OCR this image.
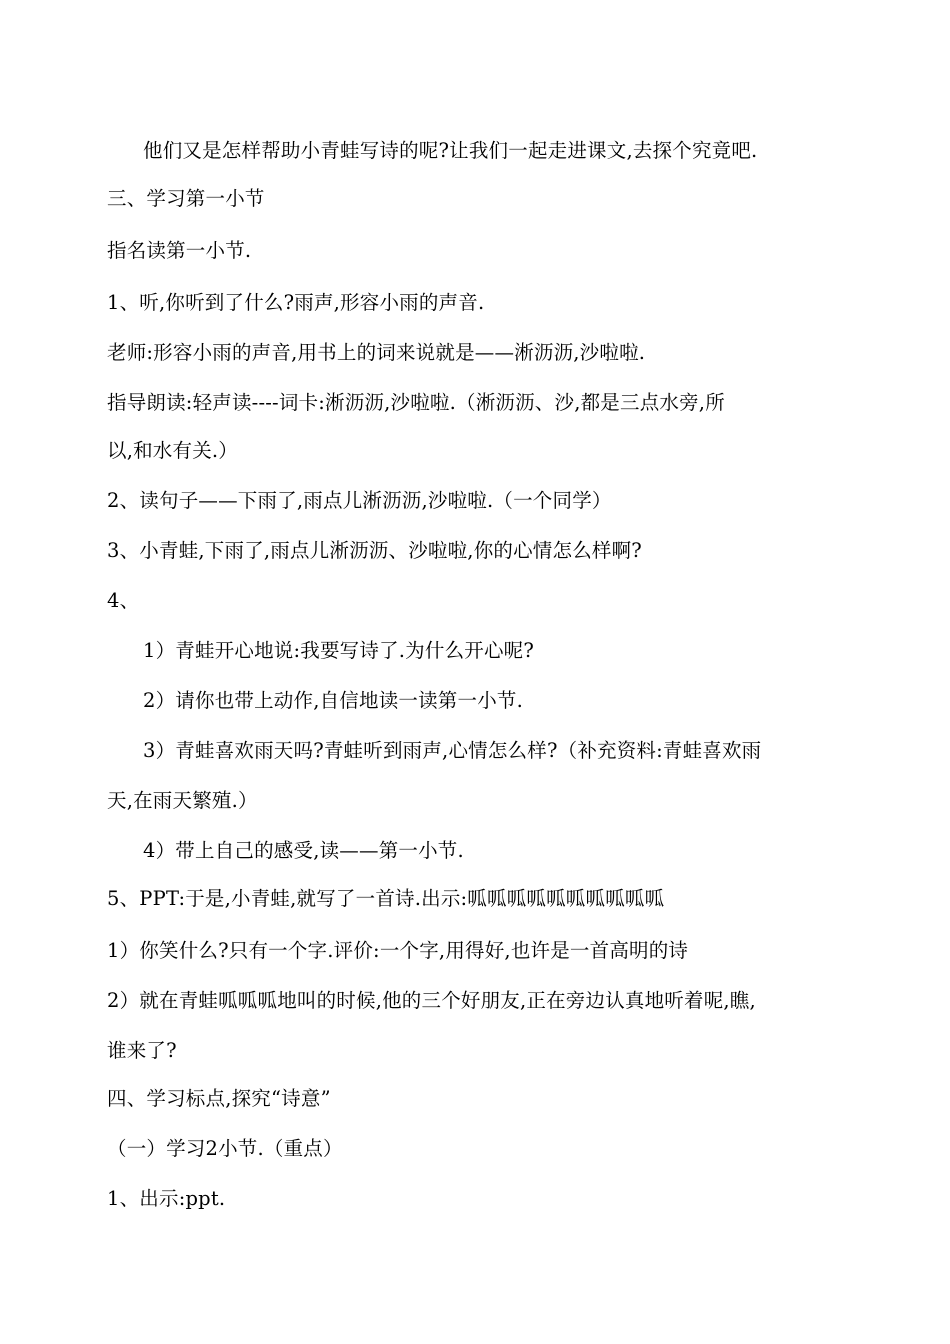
他们又是怎样帮助小青蛙写诗的呢?让我们一起走进课文,去探个究竟吧.
三、学习第一小节
指名读第一小节.
1、听,你听到了什么?雨声,形容小雨的声音.
老师:形容小雨的声音,用书上的词来说就是——淅沥沥,沙啦啦.
指导朗读:轻声读----词卡:淅沥沥,沙啦啦.（淅沥沥、沙,都是三点水旁,所
以,和水有关.）
2、读句子——下雨了,雨点儿淅沥沥,沙啦啦.（一个同学）
3、小青蛙,下雨了,雨点儿淅沥沥、沙啦啦,你的心情怎么样啊?
4、
1）青蛙开心地说:我要写诗了.为什么开心呢?
2）请你也带上动作,自信地读一读第一小节.
3）青蛙喜欢雨天吗?青蛙听到雨声,心情怎么样?（补充资料:青蛙喜欢雨
天,在雨天繁殖.）
4）带上自己的感受,读——第一小节.
5、PPT:于是,小青蛙,就写了一首诗.出示:呱呱呱呱呱呱呱呱呱呱
1）你笑什么?只有一个字.评价:一个字,用得好,也许是一首高明的诗
2）就在青蛙呱呱呱地叫的时候,他的三个好朋友,正在旁边认真地听着呢,瞧,
谁来了?
四、学习标点,探究“诗意”
（一）学习2小节.（重点）
1、出示:ppt.
